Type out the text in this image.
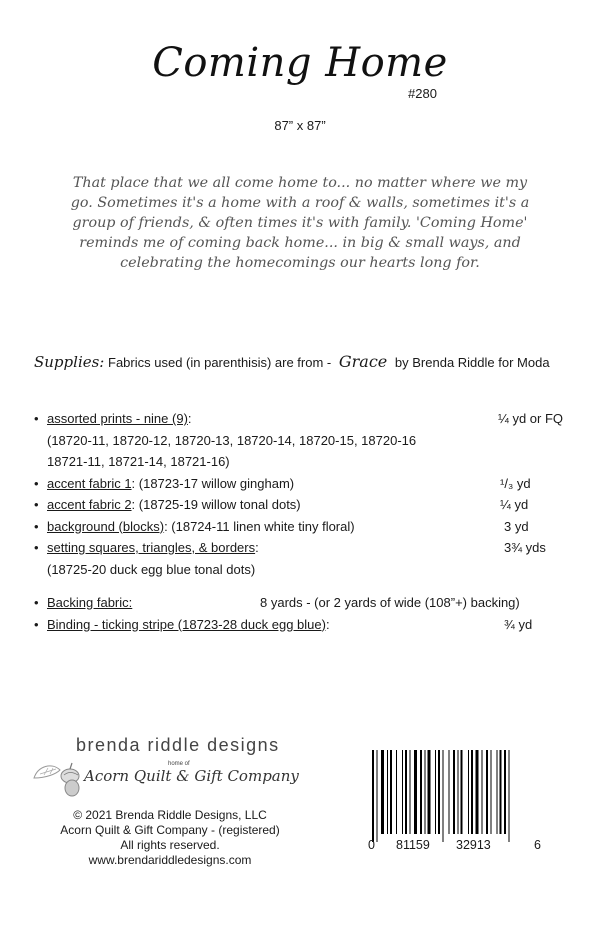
Coming Home
#280
87” x 87”
That place that we all come home to... no matter where we my go. Sometimes it's a home with a roof & walls, sometimes it's a group of friends, & often times it's with family. 'Coming Home' reminds me of coming back home... in big & small ways, and celebrating the homecomings our hearts long for.
Supplies: Fabrics used (in parenthisis) are from - Grace by Brenda Riddle for Moda
• assorted prints - nine (9):	¼ yd or FQ
(18720-11, 18720-12, 18720-13, 18720-14, 18720-15, 18720-16
18721-11, 18721-14, 18721-16)
• accent fabric 1: (18723-17 willow gingham)	¹/₃ yd
• accent fabric 2: (18725-19 willow tonal dots)	¼ yd
• background (blocks): (18724-11 linen white tiny floral)	3 yd
• setting squares, triangles, & borders:	3¾ yds
(18725-20 duck egg blue tonal dots)
• Backing fabric:	8 yards - (or 2 yards of wide (108”+) backing)
• Binding - ticking stripe (18723-28 duck egg blue):	¾ yd
brenda riddle designs
home of
Acorn Quilt & Gift Company
© 2021 Brenda Riddle Designs, LLC
Acorn Quilt & Gift Company - (registered)
All rights reserved.
www.brendariddledesigns.com
0 81159 32913	6
